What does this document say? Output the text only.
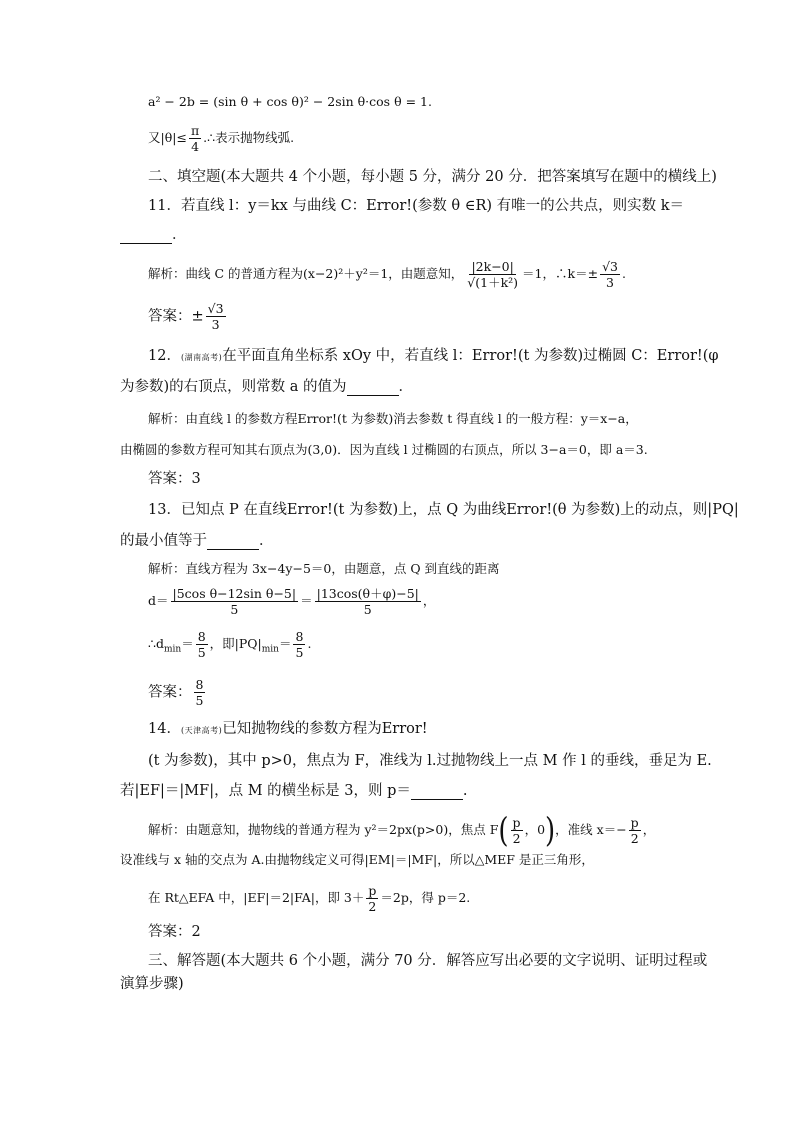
a² − 2b = (sin θ + cos θ)² − 2sin θ·cos θ = 1.
又$|\theta|\le \frac{\pi}{4}$ .∴表示抛物线弧.
二、填空题(本大题共 4 个小题，每小题 5 分，满分 20 分．把答案填写在题中的横线上)
11．若直线 l：y＝kx 与曲线 C：Error!(参数 θ ∈R) 有唯一的公共点，则实数 k＝
．
解析：曲线 C 的普通方程为(x−2)²＋y²＝1，由题意知， $\frac{|2k-0|}{\text{√(1＋k²)}} =1$，∴k＝± $\frac{√3}{3}$ .
答案：± $\frac{√3}{3}$
12．(湖南高考)在平面直角坐标系 xOy 中，若直线 l：Error!(t 为参数)过椭圆 C：Error!(φ
为参数)的右顶点，则常数 a 的值为	．
解析：由直线 l 的参数方程Error!(t 为参数)消去参数 t 得直线 l 的一般方程：y＝x−a，
由椭圆的参数方程可知其右顶点为(3,0)．因为直线 l 过椭圆的右顶点，所以 3−a＝0，即 a＝3.
答案：3
13．已知点 P 在直线Error!(t 为参数)上，点 Q 为曲线Error!(θ 为参数)上的动点，则|PQ|
的最小值等于	．
解析：直线方程为 3x−4y−5＝0，由题意，点 Q 到直线的距离
$d= \frac{\text{|5cos θ−12sin θ−5|}}{5} = \frac{|13\cos(\theta+\varphi)-5|}{5}$ ，
$\therefore d_{min}= \frac{8}{5}$ ，即$|PQ|_{min}= \frac{8}{5}$ .
答案： $\frac{8}{5}$
14．(天津高考)已知抛物线的参数方程为Error!
(t 为参数)，其中 p>0，焦点为 F，准线为 l.过抛物线上一点 M 作 l 的垂线，垂足为 E.
若|EF|＝|MF|，点 M 的横坐标是 3，则 p＝	.
解析：由题意知，抛物线的普通方程为 y²＝2px(p>0)，焦点 $F( \frac{p}{2}$ ，0)，准线 $x=- \frac{p}{2}$ ，
设准线与 x 轴的交点为 A.由抛物线定义可得|EM|＝|MF|，所以△MEF 是正三角形，
在 Rt△EFA 中，|EF|＝2|FA|，即 $3+ \frac{p}{2} =2p$，得 p＝2.
答案：2
三、解答题(本大题共 6 个小题，满分 70 分．解答应写出必要的文字说明、证明过程或
演算步骤)
